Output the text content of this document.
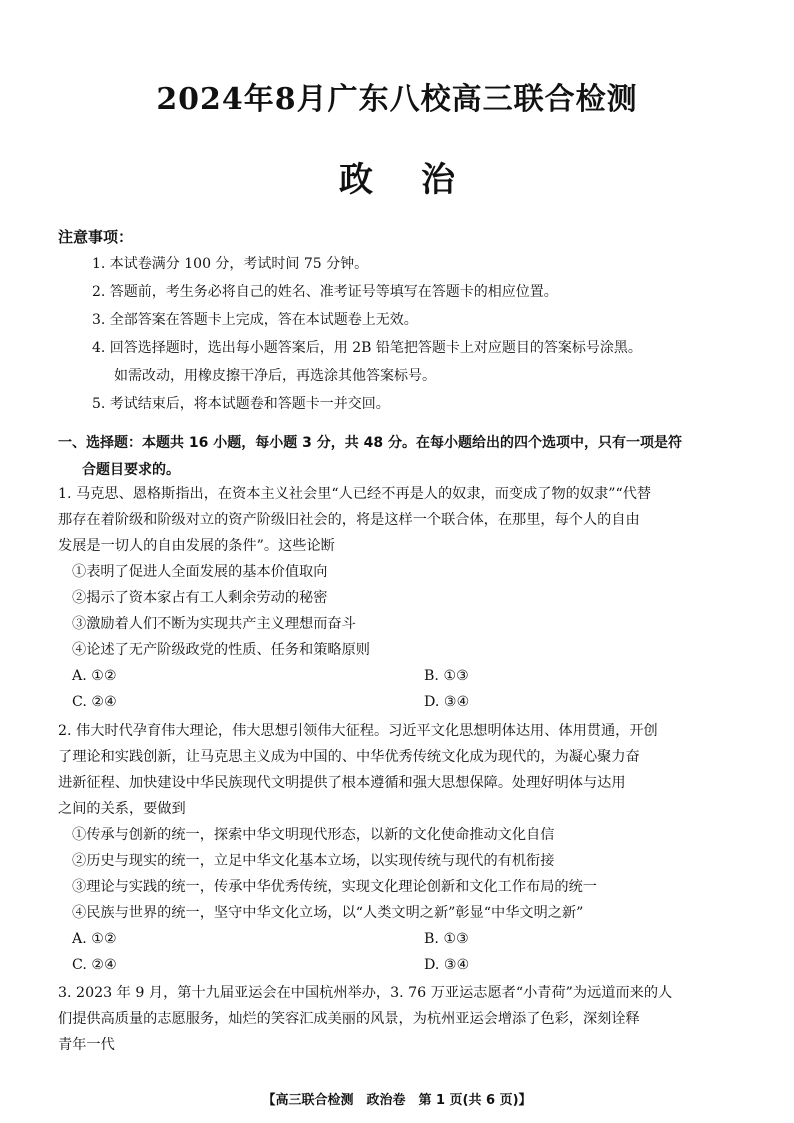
2024年8月广东八校高三联合检测
政治
注意事项：
1. 本试卷满分 100 分，考试时间 75 分钟。
2. 答题前，考生务必将自己的姓名、准考证号等填写在答题卡的相应位置。
3. 全部答案在答题卡上完成，答在本试题卷上无效。
4. 回答选择题时，选出每小题答案后，用 2B 铅笔把答题卡上对应题目的答案标号涂黑。
如需改动，用橡皮擦干净后，再选涂其他答案标号。
5. 考试结束后，将本试题卷和答题卡一并交回。
一、选择题：本题共 16 小题，每小题 3 分，共 48 分。在每小题给出的四个选项中，只有一项是符
合题目要求的。
1. 马克思、恩格斯指出，在资本主义社会里“人已经不再是人的奴隶，而变成了物的奴隶”“代替
那存在着阶级和阶级对立的资产阶级旧社会的，将是这样一个联合体，在那里，每个人的自由
发展是一切人的自由发展的条件”。这些论断
①表明了促进人全面发展的基本价值取向
②揭示了资本家占有工人剩余劳动的秘密
③激励着人们不断为实现共产主义理想而奋斗
④论述了无产阶级政党的性质、任务和策略原则
A. ①②	B. ①③
C. ②④	D. ③④
2. 伟大时代孕育伟大理论，伟大思想引领伟大征程。习近平文化思想明体达用、体用贯通，开创
了理论和实践创新，让马克思主义成为中国的、中华优秀传统文化成为现代的，为凝心聚力奋
进新征程、加快建设中华民族现代文明提供了根本遵循和强大思想保障。处理好明体与达用
之间的关系，要做到
①传承与创新的统一，探索中华文明现代形态，以新的文化使命推动文化自信
②历史与现实的统一，立足中华文化基本立场，以实现传统与现代的有机衔接
③理论与实践的统一，传承中华优秀传统，实现文化理论创新和文化工作布局的统一
④民族与世界的统一，坚守中华文化立场，以“人类文明之新”彰显“中华文明之新”
A. ①②	B. ①③
C. ②④	D. ③④
3. 2023 年 9 月，第十九届亚运会在中国杭州举办，3. 76 万亚运志愿者“小青荷”为远道而来的人
们提供高质量的志愿服务，灿烂的笑容汇成美丽的风景，为杭州亚运会增添了色彩，深刻诠释
青年一代
【高三联合检测　政治卷　第 1 页(共 6 页)】
